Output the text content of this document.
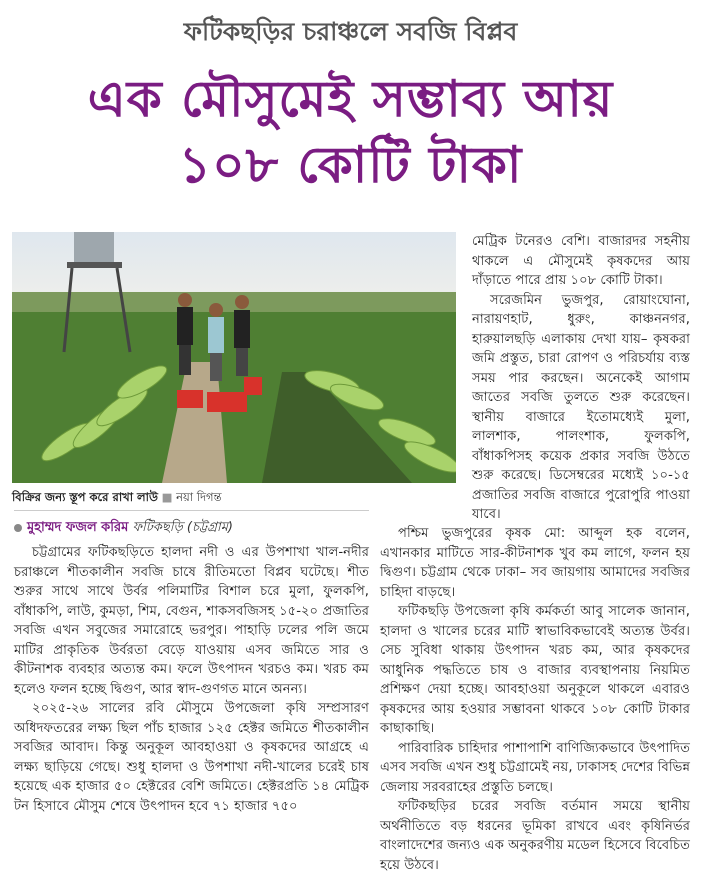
ফটিকছড়ির চরাঞ্চলে সবজি বিপ্লব
এক মৌসুমেই সম্ভাব্য আয়
১০৮ কোটি টাকা
বিক্রির জন্য স্তূপ করে রাখা লাউ ■ নয়া দিগন্ত

মেট্রিক টনেরও বেশি। বাজারদর সহনীয় থাকলে এ মৌসুমেই কৃষকদের আয় দাঁড়াতে পারে প্রায় ১০৮ কোটি টাকা।

সরেজমিন ভুজপুর, রোয়াংঘোনা, নারায়ণহাট, ধুরুং, কাঞ্চননগর, হারুয়ালছড়ি এলাকায় দেখা যায়– কৃষকরা জমি প্রস্তুত, চারা রোপণ ও পরিচর্যায় ব্যস্ত সময় পার করছেন। অনেকেই আগাম জাতের সবজি তুলতে শুরু করেছেন। স্থানীয় বাজারে ইতোমধ্যেই মুলা, লালশাক, পালংশাক, ফুলকপি, বাঁধাকপিসহ কয়েক প্রকার সবজি উঠতে শুরু করেছে। ডিসেম্বরের মধ্যেই ১০-১৫ প্রজাতির সবজি বাজারে পুরোপুরি পাওয়া যাবে।

মুহাম্মদ ফজল করিম ফটিকছড়ি (চট্টগ্রাম)

চট্টগ্রামের ফটিকছড়িতে হালদা নদী ও এর উপশাখা খাল-নদীর চরাঞ্চলে শীতকালীন সবজি চাষে রীতিমতো বিপ্লব ঘটেছে। শীত শুরুর সাথে সাথে উর্বর পলিমাটির বিশাল চরে মুলা, ফুলকপি, বাঁধাকপি, লাউ, কুমড়া, শিম, বেগুন, শাকসবজিসহ ১৫-২০ প্রজাতির সবজি এখন সবুজের সমারোহে ভরপুর। পাহাড়ি ঢলের পলি জমে মাটির প্রাকৃতিক উর্বরতা বেড়ে যাওয়ায় এসব জমিতে সার ও কীটনাশক ব্যবহার অত্যন্ত কম। ফলে উৎপাদন খরচও কম। খরচ কম হলেও ফলন হচ্ছে দ্বিগুণ, আর স্বাদ-গুণগত মানে অনন্য।

২০২৫-২৬ সালের রবি মৌসুমে উপজেলা কৃষি সম্প্রসারণ অধিদফতরের লক্ষ্য ছিল পাঁচ হাজার ১২৫ হেক্টর জমিতে শীতকালীন সবজির আবাদ। কিন্তু অনুকূল আবহাওয়া ও কৃষকদের আগ্রহে এ লক্ষ্য ছাড়িয়ে গেছে। শুধু হালদা ও উপশাখা নদী-খালের চরেই চাষ হয়েছে এক হাজার ৫০ হেক্টরের বেশি জমিতে। হেক্টরপ্রতি ১৪ মেট্রিক টন হিসাবে মৌসুম শেষে উৎপাদন হবে ৭১ হাজার ৭৫০

পশ্চিম ভুজপুরের কৃষক মো: আব্দুল হক বলেন, এখানকার মাটিতে সার-কীটনাশক খুব কম লাগে, ফলন হয় দ্বিগুণ। চট্টগ্রাম থেকে ঢাকা– সব জায়গায় আমাদের সবজির চাহিদা বাড়ছে।

ফটিকছড়ি উপজেলা কৃষি কর্মকর্তা আবু সালেক জানান, হালদা ও খালের চরের মাটি স্বাভাবিকভাবেই অত্যন্ত উর্বর। সেচ সুবিধা থাকায় উৎপাদন খরচ কম, আর কৃষকদের আধুনিক পদ্ধতিতে চাষ ও বাজার ব্যবস্থাপনায় নিয়মিত প্রশিক্ষণ দেয়া হচ্ছে। আবহাওয়া অনুকূলে থাকলে এবারও কৃষকদের আয় হওয়ার সম্ভাবনা থাকবে ১০৮ কোটি টাকার কাছাকাছি।

পারিবারিক চাহিদার পাশাপাশি বাণিজ্যিকভাবে উৎপাদিত এসব সবজি এখন শুধু চট্টগ্রামেই নয়, ঢাকাসহ দেশের বিভিন্ন জেলায় সরবরাহের প্রস্তুতি চলছে।

ফটিকছড়ির চরের সবজি বর্তমান সময়ে স্থানীয় অর্থনীতিতে বড় ধরনের ভূমিকা রাখবে এবং কৃষিনির্ভর বাংলাদেশের জন্যও এক অনুকরণীয় মডেল হিসেবে বিবেচিত হয়ে উঠবে।
